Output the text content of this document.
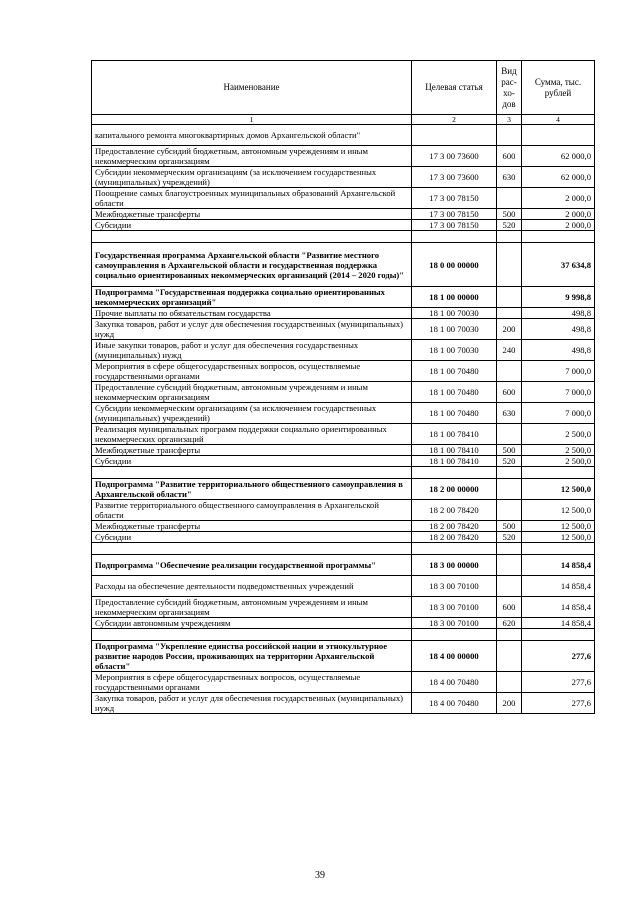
Наименование	Целевая статья	Вид рас-хо-дов	Сумма, тыс. рублей
1	2	3	4
капитального ремонта многоквартирных домов Архангельской области"			
Предоставление субсидий бюджетным, автономным учреждениям и иным некоммерческим организациям	17 3 00 73600	600	62 000,0
Субсидии некоммерческим организациям (за исключением государственных (муниципальных) учреждений)	17 3 00 73600	630	62 000,0
Поощрение самых благоустроенных муниципальных образований Архангельской области	17 3 00 78150		2 000,0
Межбюджетные трансферты	17 3 00 78150	500	2 000,0
Субсидии	17 3 00 78150	520	2 000,0

Государственная программа Архангельской области "Развитие местного самоуправления в Архангельской области и государственная поддержка социально ориентированных некоммерческих организаций (2014 – 2020 годы)"	18 0 00 00000		37 634,8
Подпрограмма "Государственная поддержка социально ориентированных некоммерческих организаций"	18 1 00 00000		9 998,8
Прочие выплаты по обязательствам государства	18 1 00 70030		498,8
Закупка товаров, работ и услуг для обеспечения государственных (муниципальных) нужд	18 1 00 70030	200	498,8
Иные закупки товаров, работ и услуг для обеспечения государственных (муниципальных) нужд	18 1 00 70030	240	498,8
Мероприятия в сфере общегосударственных вопросов, осуществляемые государственными органами	18 1 00 70480		7 000,0
Предоставление субсидий бюджетным, автономным учреждениям и иным некоммерческим организациям	18 1 00 70480	600	7 000,0
Субсидии некоммерческим организациям (за исключением государственных (муниципальных) учреждений)	18 1 00 70480	630	7 000,0
Реализация муниципальных программ поддержки социально ориентированных некоммерческих организаций	18 1 00 78410		2 500,0
Межбюджетные трансферты	18 1 00 78410	500	2 500,0
Субсидии	18 1 00 78410	520	2 500,0

Подпрограмма "Развитие территориального общественного самоуправления в Архангельской области"	18 2 00 00000		12 500,0
Развитие территориального общественного самоуправления в Архангельской области	18 2 00 78420		12 500,0
Межбюджетные трансферты	18 2 00 78420	500	12 500,0
Субсидии	18 2 00 78420	520	12 500,0

Подпрограмма "Обеспечение реализации государственной программы"	18 3 00 00000		14 858,4
Расходы на обеспечение деятельности подведомственных учреждений	18 3 00 70100		14 858,4
Предоставление субсидий бюджетным, автономным учреждениям и иным некоммерческим организациям	18 3 00 70100	600	14 858,4
Субсидии автономным учреждениям	18 3 00 70100	620	14 858,4

Подпрограмма "Укрепление единства российской нации и этнокультурное развитие народов России, проживающих на территории Архангельской области"	18 4 00 00000		277,6
Мероприятия в сфере общегосударственных вопросов, осуществляемые государственными органами	18 4 00 70480		277,6
Закупка товаров, работ и услуг для обеспечения государственных (муниципальных) нужд	18 4 00 70480	200	277,6
39
